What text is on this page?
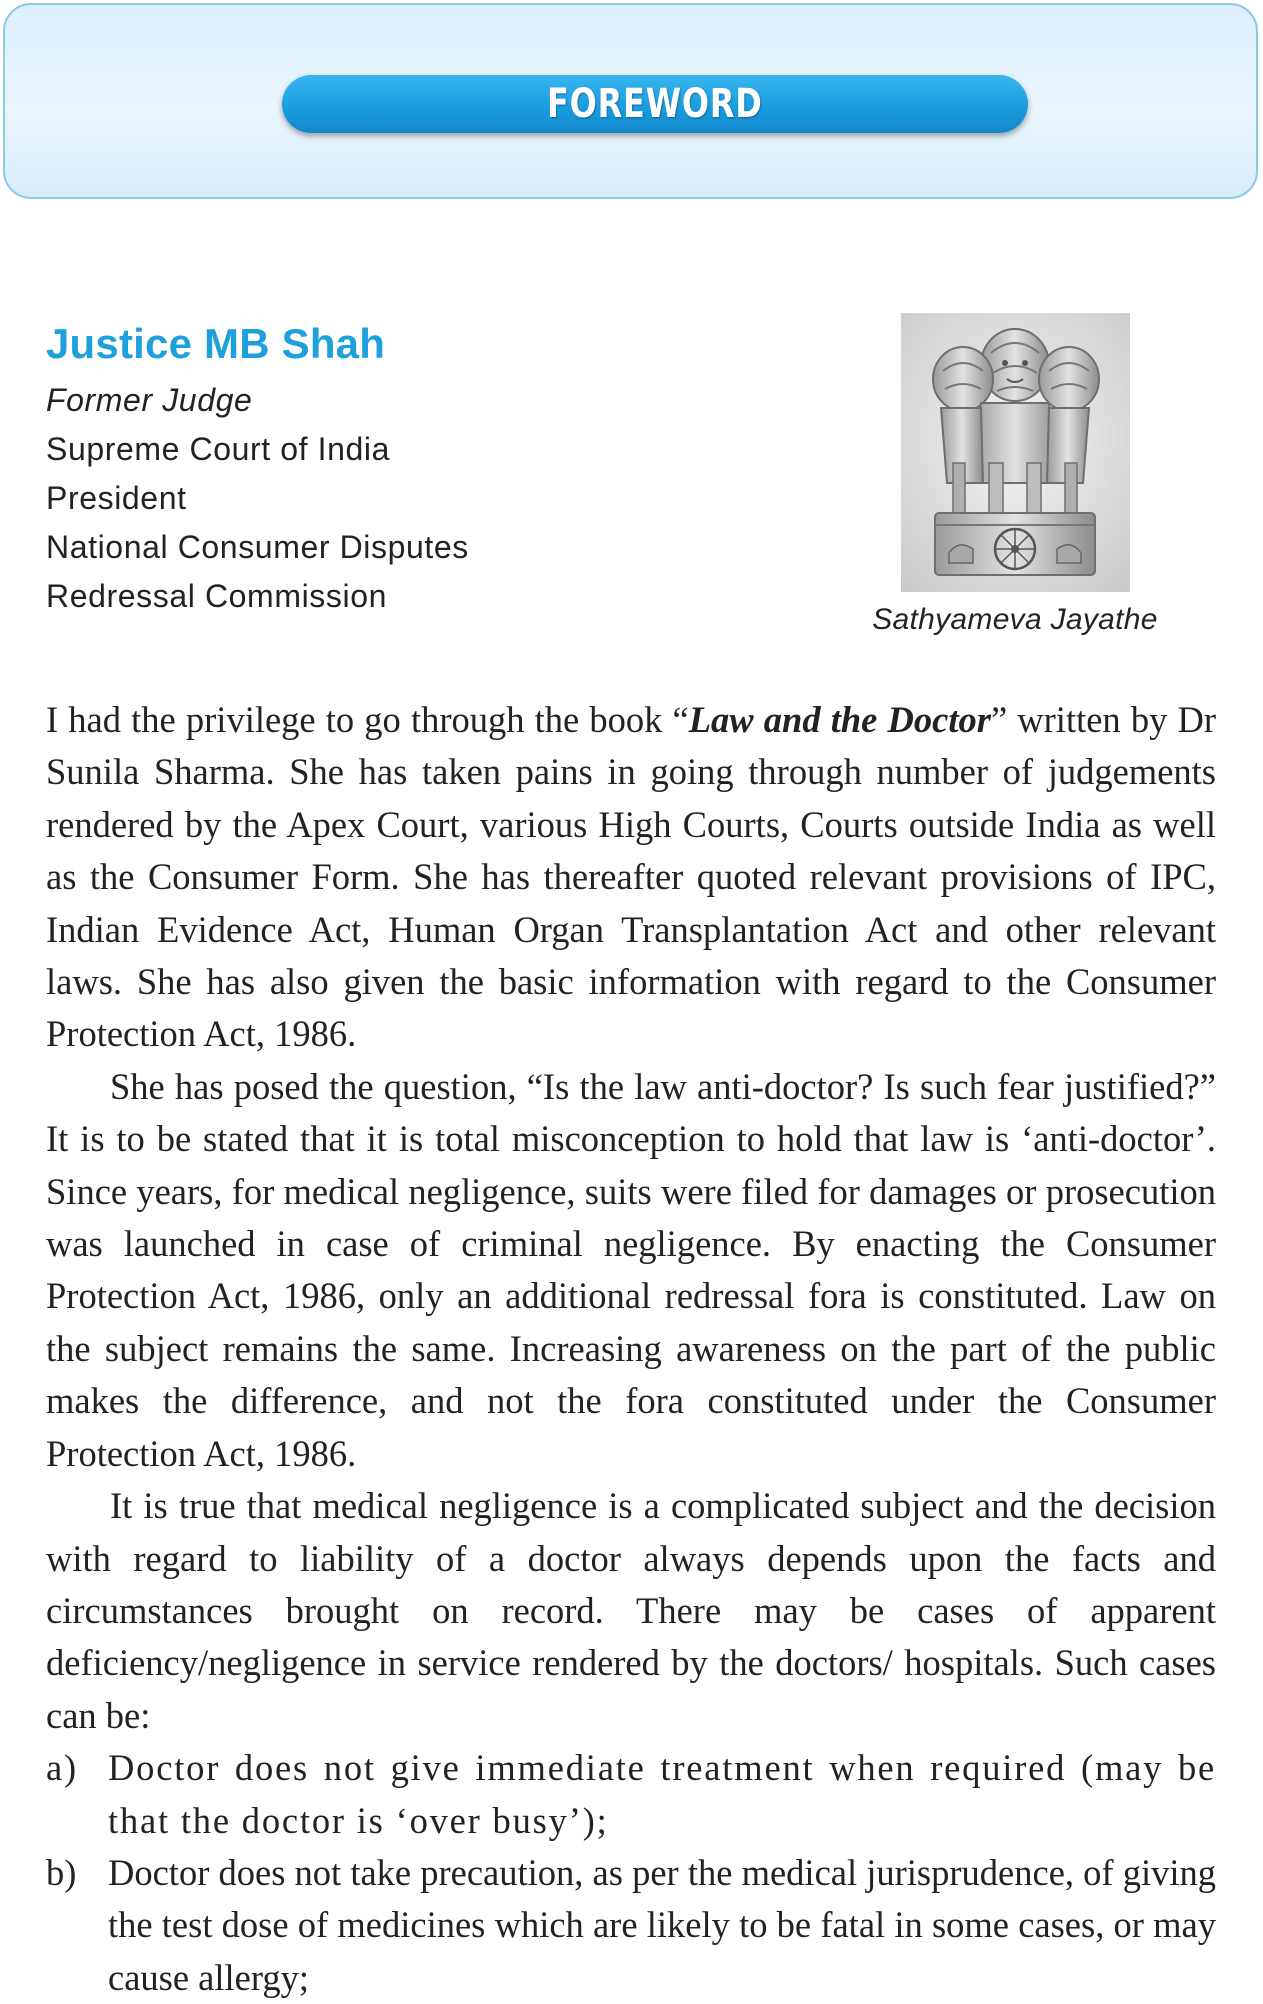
FOREWORD
Justice MB Shah
Former Judge
Supreme Court of India
President
National Consumer Disputes
Redressal Commission
Sathyameva Jayathe

I had the privilege to go through the book “Law and the Doctor” written by Dr Sunila Sharma. She has taken pains in going through number of judgements rendered by the Apex Court, various High Courts, Courts outside India as well as the Consumer Form. She has thereafter quoted relevant provisions of IPC, Indian Evidence Act, Human Organ Transplantation Act and other relevant laws. She has also given the basic information with regard to the Consumer Protection Act, 1986.

She has posed the question, “Is the law anti-doctor? Is such fear justified?” It is to be stated that it is total misconception to hold that law is ‘anti-doctor’. Since years, for medical negligence, suits were filed for damages or prosecution was launched in case of criminal negligence. By enacting the Consumer Protection Act, 1986, only an additional redressal fora is constituted. Law on the subject remains the same. Increasing awareness on the part of the public makes the difference, and not the fora constituted under the Consumer Protection Act, 1986.

It is true that medical negligence is a complicated subject and the decision with regard to liability of a doctor always depends upon the facts and circumstances brought on record. There may be cases of apparent deficiency/negligence in service rendered by the doctors/ hospitals. Such cases can be:

a) Doctor does not give immediate treatment when required (may be that the doctor is ‘over busy’);

b) Doctor does not take precaution, as per the medical jurisprudence, of giving the test dose of medicines which are likely to be fatal in some cases, or may cause allergy;
